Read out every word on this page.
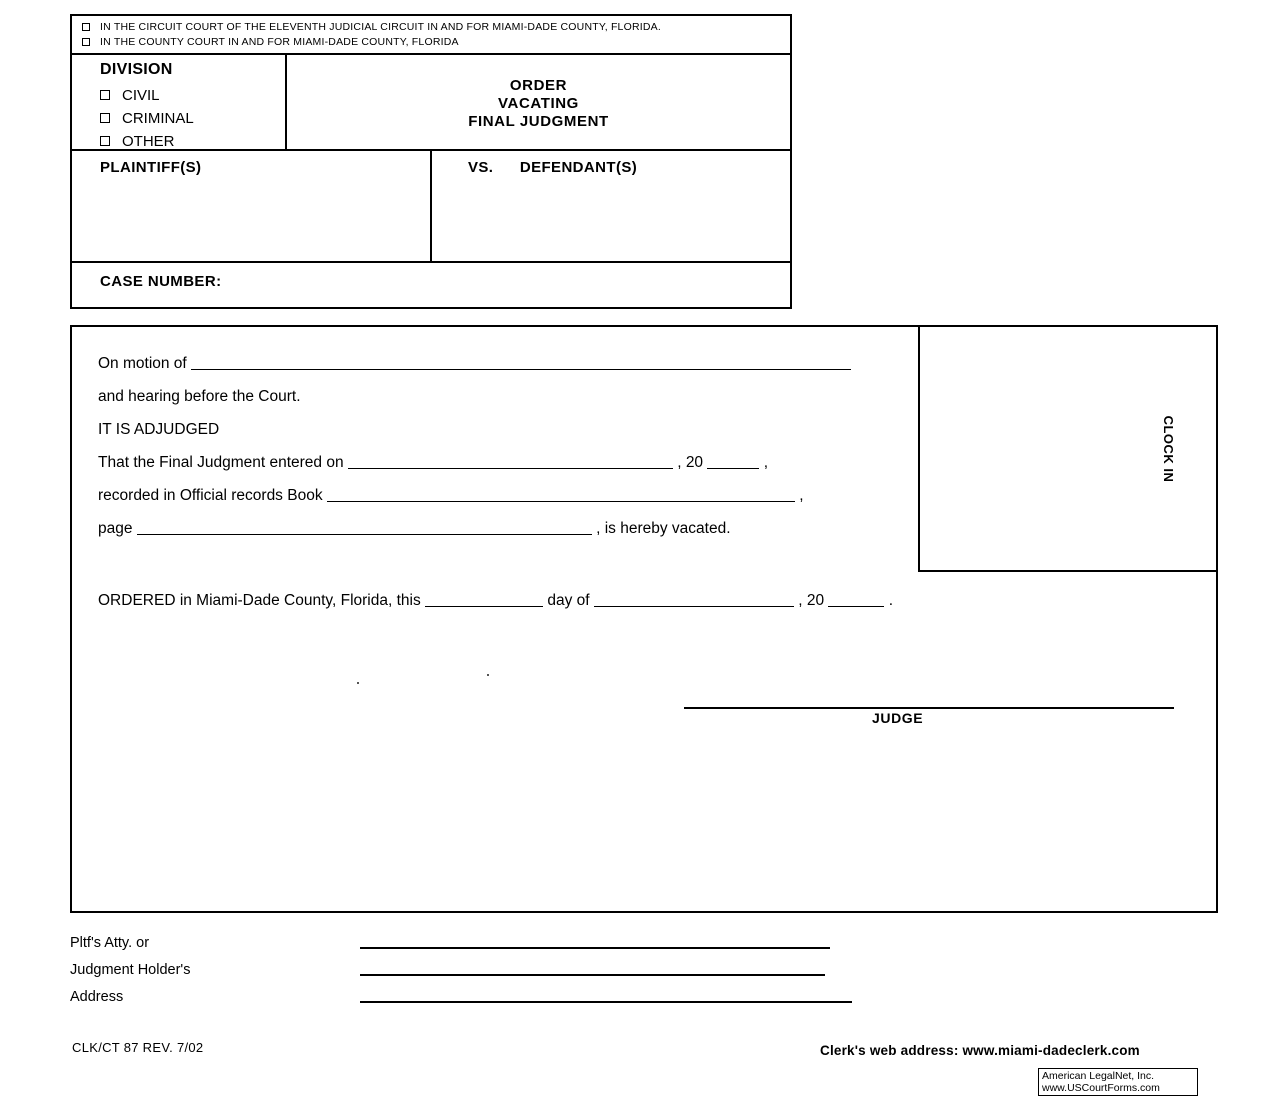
IN THE CIRCUIT COURT OF THE ELEVENTH JUDICIAL CIRCUIT IN AND FOR MIAMI-DADE COUNTY, FLORIDA.
IN THE COUNTY COURT IN AND FOR MIAMI-DADE COUNTY, FLORIDA
DIVISION
CIVIL
CRIMINAL
OTHER
ORDER
VACATING
FINAL JUDGMENT
PLAINTIFF(S)	VS. DEFENDANT(S)
CASE NUMBER:
On motion of
and hearing before the Court.
IT IS ADJUDGED
That the Final Judgment entered on	, 20	,
recorded in Official records Book	,
page	, is hereby vacated.
ORDERED in Miami-Dade County, Florida, this	day of	, 20	.
JUDGE
CLOCK IN
Pltf's Atty. or
Judgment Holder's
Address
CLK/CT 87 REV. 7/02	Clerk's web address: www.miami-dadeclerk.com
American LegalNet, Inc.
www.USCourtForms.com
